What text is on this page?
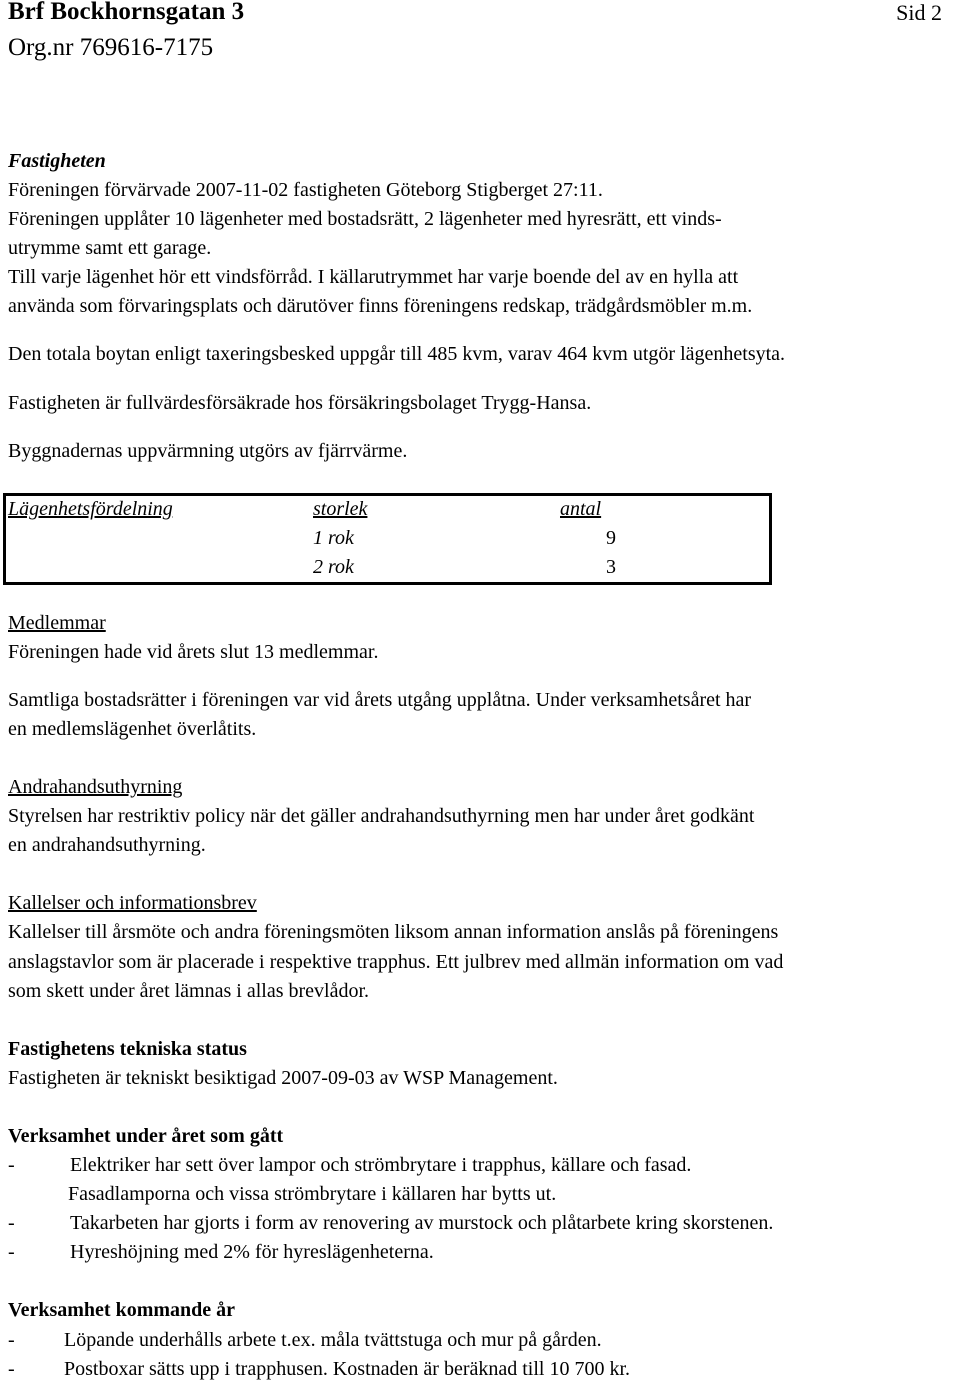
Brf Bockhornsgatan 3
Org.nr 769616-7175
Sid 2
Fastigheten
Föreningen förvärvade 2007-11-02 fastigheten Göteborg Stigberget 27:11.
Föreningen upplåter 10 lägenheter med bostadsrätt, 2 lägenheter med hyresrätt, ett vinds-
utrymme samt ett garage.
Till varje lägenhet hör ett vindsförråd. I källarutrymmet har varje boende del av en hylla att
använda som förvaringsplats och därutöver finns föreningens redskap, trädgårdsmöbler m.m.
Den totala boytan enligt taxeringsbesked uppgår till 485 kvm, varav 464 kvm utgör lägenhetsyta.
Fastigheten är fullvärdesförsäkrade hos försäkringsbolaget Trygg-Hansa.
Byggnadernas uppvärmning utgörs av fjärrvärme.
Lägenhetsfördelning	storlek	antal
1 rok	9
2 rok	3
Medlemmar
Föreningen hade vid årets slut 13 medlemmar.
Samtliga bostadsrätter i föreningen var vid årets utgång upplåtna. Under verksamhetsåret har
en medlemslägenhet överlåtits.
Andrahandsuthyrning
Styrelsen har restriktiv policy när det gäller andrahandsuthyrning men har under året godkänt
en andrahandsuthyrning.
Kallelser och informationsbrev
Kallelser till årsmöte och andra föreningsmöten liksom annan information anslås på föreningens
anslagstavlor som är placerade i respektive trapphus. Ett julbrev med allmän information om vad
som skett under året lämnas i allas brevlådor.
Fastighetens tekniska status
Fastigheten är tekniskt besiktigad 2007-09-03 av WSP Management.
Verksamhet under året som gått
-	Elektriker har sett över lampor och strömbrytare i trapphus, källare och fasad.
Fasadlamporna och vissa strömbrytare i källaren har bytts ut.
-	Takarbeten har gjorts i form av renovering av murstock och plåtarbete kring skorstenen.
-	Hyreshöjning med 2% för hyreslägenheterna.
Verksamhet kommande år
- Löpande underhålls arbete t.ex. måla tvättstuga och mur på gården.
- Postboxar sätts upp i trapphusen. Kostnaden är beräknad till 10 700 kr.
